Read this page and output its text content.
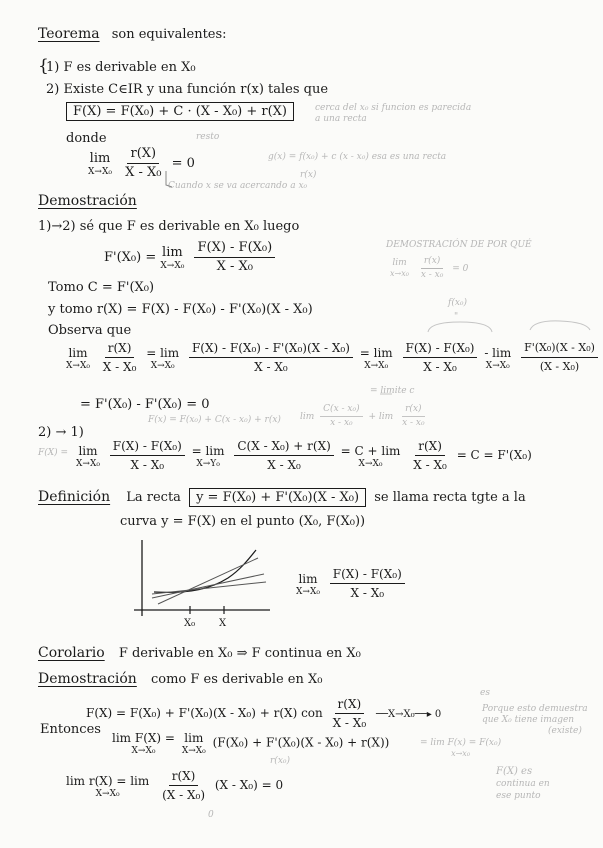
Teorema son equivalentes:
{
1) F es derivable en X₀
2) Existe C∈IR y una función r(x) tales que
F(X) = F(X₀) + C · (X - X₀) + r(X)	cerca del x₀ si funcion es parecida a una recta
donde	resto
lim
X→X₀
$\frac{r(X)}{\text{X - X₀}} = 0$	g(x) = f(x₀) + c (x - x₀) esa es una recta
r(x)
Cuando x se va acercando a x₀
Demostración
1)→2) sé que F es derivable en X₀ luego
F'(X₀) = lim
X→X₀
$\frac{\text{F(X) - F(X₀)}}{\text{X - X₀}}$	DEMOSTRACIÓN DE POR QUÉ
lim
x→x₀
$\frac{r(x)}{\text{x - x₀}} = 0$
Tomo C = F'(X₀)
y tomo r(X) = F(X) - F(X₀) - F'(X₀)(X - X₀)	f(x₀)
Observa que
"
lim
X→X₀
$\frac{r(X)}{\text{X - X₀}}$
= lim
X→X₀
$\frac{\text{F(X) - F(X₀) - F'(X₀)(X - X₀)}}{\text{X - X₀}}$
= lim
X→X₀
$\frac{\text{F(X) - F(X₀)}}{\text{X - X₀}}$
- lim
X→X₀
$\frac{\text{F'(X₀)(X - X₀)}}{\text{(X - X₀)}}$
= limite c
= F'(X₀) - F'(X₀) = 0
F(x) = F(x₀) + C(x - x₀) + r(x) $\lim \frac{\text{C(x - x₀)}}{\text{x - x₀}} + \lim \frac{r(x)}{\text{x - x₀}}$
2) → 1)
F(X) = lim
X→X₀
$\frac{\text{F(X) - F(X₀)}}{\text{X - X₀}}$
= lim
X→Y₀
$\frac{\text{C(X - X₀) + r(X)}}{\text{X - X₀}}$
= C + lim
X→X₀
$\frac{r(X)}{\text{X - X₀}} = C = F'(X_0)$
Definición La recta y = F(X₀) + F'(X₀)(X - X₀) se llama recta tgte a la
curva y = F(X) en el punto (X₀, F(X₀))
X₀ X
lim
X→X₀
$\frac{\text{F(X) - F(X₀)}}{\text{X - X₀}}$
Corolario F derivable en X₀ ⇒ F continua en X₀
Demostración como F es derivable en X₀
F(X) = F(X₀) + F'(X₀)(X - X₀) + r(X) con $\frac{r(X)}{\text{X - X₀}}$ ──X→X₀──▸ 0
es
Porque esto demuestra
que X₀ tiene imagen
(existe)
Entonces
lim F(X) =
X→X₀

lim
X→X₀
(F(X₀) + F'(X₀)(X - X₀) + r(X))	= lim F(x) = F(x₀)
x→x₀
r(x₀)
F(X) es
continua en
ese punto
lim r(X) = lim
X→X₀
	$\frac{r(X)}{\text{(X - X₀)}} (X - X_0) = 0$
0
